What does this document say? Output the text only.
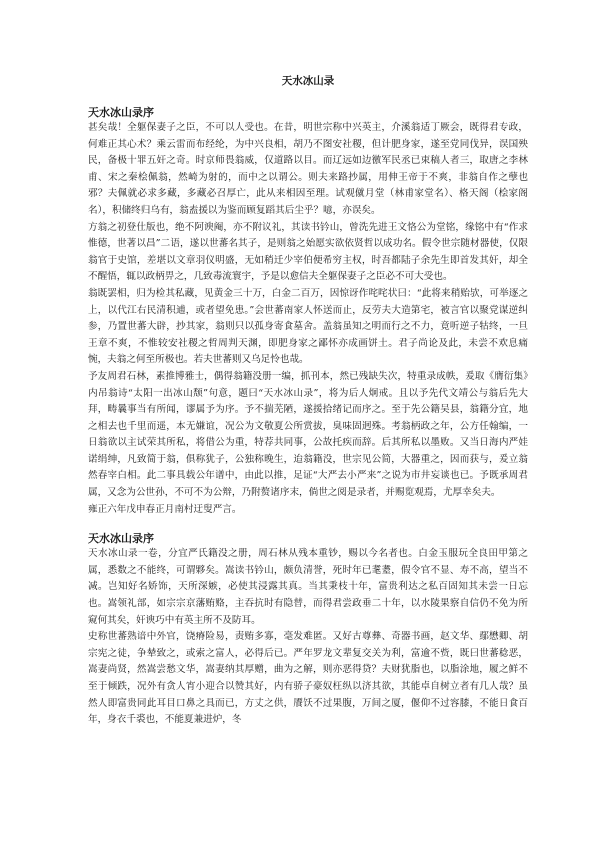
天水冰山录
天水冰山录序

甚矣哉！全躯保妻子之臣，不可以人受也。在昔，明世宗称中兴英主，介溪翁适丁厥会，既得君专政，何难正其心术？乘云雷而布经纶，为中兴良相，胡乃不图安社稷，但计肥身家，遂至党同伐异，误国殃民，备极十罪五奸之奇。时京师畏翁威，仅道路以目。而辽远如边徼军民丞已束稿人者三，取唐之李林甫、宋之秦桧佩翁，然崎为射的，而中之以谓公。则夫来路抄属，用伸王帝于不爽，非翁自作之孽也邪？夫佩就必求多藏，多藏必召厚亡，此从来相因至理。试观僦月堂（林甫家堂名）、格天阁（桧家阁名），积储终归乌有，翁盍援以为鉴而顾复蹈其后尘乎？噫，亦误矣。

方翁之初登仕版也，绝不阿谀阉，亦不附议礼，其读书钤山，曾洗先进王文恪公为堂铭，缘铭中有“作求惟德，世著以昌”二语，遂以世蕃名其子，是则翁之始愿实欲依贤哲以成功名。假令世宗随材器使，仅限翁官于史馆，差堪以文章羽仪明盛，无如稍迁少宰伯便希穷主权，时吾都陆子余先生即首发其奸，却全不醒悟，辄以政柄畀之，几致毒流寰宇，予是以愈信夫全躯保妻子之臣必不可大受也。

翁既罢相，归为检其私藏，见黄金三十万，白金二百万，因惊讶作咤咤状曰：“此将来稍贻欤，可举逐之上，以代江右民清积逋，或者望免患。”会世蕃南家人怀送而止，反劳夫大造第宅，被言官以聚党谋逆纠参，乃置世蕃大辟，抄其家，翁则只以孤身寄食墓舍。盖翁虽知之明而行之不力，竟听逆子牯终，一旦王章不爽，不惟较安社稷之哲周判天渊，即肥身家之鄙怀亦成画饼土。君子尚论及此，未尝不欢息痛惋，夫翁之何至所极也。若夫世蕃则又乌足怜也哉。

予友周君石林，素推博雅士，偶得翁籍没册一编，抓刊本，然已残缺失次，特重录成帙，爰取《膺衍集》内吊翁诗“太阳一出冰山颓”句意，题曰“天水冰山录”，将为后人炯戒。且以予先代文靖公与翁后先大拜，畴曩事当有所闻，谬属予为序。予不揣芜陋，遂援拾绪记而序之。至于先公籍吴县，翁籍分宜，地之相去也千里而遥，本无嫌谊，况公为文敬夏公所赏拔，臭味固迥殊。考翁柄政之年，公方任翰编，一日翁欲以主试荣其所私，将借公为重，特荐共同事，公故托疾而辞。后其所私以墨败。又当日海内严娃诺绢绅，凡致简于翁，俱称犹子，公独称晚生，迨翁籍没，世宗见公简，大器重之，因而获与，爰立翁然春宰白相。此二事具载公年谱中，由此以推，足证“大严去小严来”之说为市井妄谈也已。予既承周君属，又念为公世孙，不可不为公辩，乃附赘诸序末，倘世之阅是录者，并赐览观焉，尤厚幸矣夫。

雍正六年戊申春正月南村迂叟严言。

天水冰山录序

天水冰山录一卷，分宜严氏籍没之册，周石林从残本重钞，赐以今名者也。白金玉服玩全良田甲第之属，悉数之不能终，可谓夥矣。嵩读书钤山，颇负清誉，死时年已耄耋，假令官不显、寿不高，望当不减。岂知好名娇饰，天所深嫉，必使其浸露其真。当其秉枝十年，富贵利达之私百固知其未尝一日忘也。嵩领礼部，如宗宗京藩贿赂，主吞抗时有隐替，而得君尝政垂二十年，以水陵果察自信仍不免为所窥何其矣，奸谀巧中有英主所不及防耳。

史称世蕃熟谙中外官，饶瘠险易，责贿多寡，毫发难匿。又好古尊彝、奇器书画，赵文华、鄢懋卿、胡宗宪之徒，争辇致之，或索之富人，必得后已。严年罗龙文辈复交关为利，富逾不赀，既曰世蕃稔恶，嵩妻尚贤，然嵩尝愁文华，嵩妻纳其厚赠，曲为之解，则亦恶得贷？夫财犹脂也，以脂涂地，履之鲜不至于倾跌，况外有贪人宵小迎合以赞其好，内有骄子豪奴枉纵以济其欲，其能卓自树立者有几人哉？虽然人即富贵同此耳目口鼻之具而已，方丈之供，餍饫不过果腹，万间之厦，偃仰不过容膝，不能日食百年，身衣千裘也，不能夏兼进炉，冬
